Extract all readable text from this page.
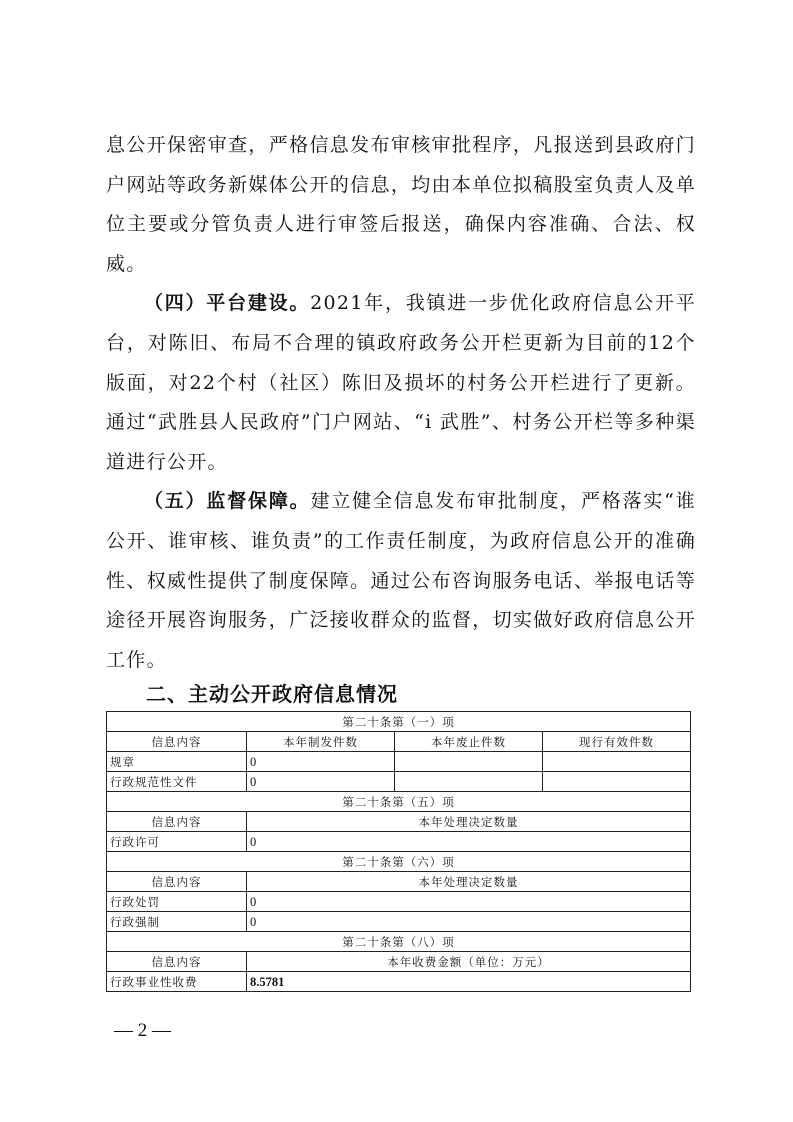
息公开保密审查，严格信息发布审核审批程序，凡报送到县政府门户网站等政务新媒体公开的信息，均由本单位拟稿股室负责人及单位主要或分管负责人进行审签后报送，确保内容准确、合法、权威。

（四）平台建设。2021年，我镇进一步优化政府信息公开平台，对陈旧、布局不合理的镇政府政务公开栏更新为目前的12个版面，对22个村（社区）陈旧及损坏的村务公开栏进行了更新。通过“武胜县人民政府”门户网站、“i 武胜”、村务公开栏等多种渠道进行公开。

（五）监督保障。建立健全信息发布审批制度，严格落实“谁公开、谁审核、谁负责”的工作责任制度，为政府信息公开的准确性、权威性提供了制度保障。通过公布咨询服务电话、举报电话等途径开展咨询服务，广泛接收群众的监督，切实做好政府信息公开工作。

二、主动公开政府信息情况
第二十条第（一）项			
信息内容	本年制发件数	本年废止件数	现行有效件数
规章	0		
行政规范性文件	0		
第二十条第（五）项			
信息内容	本年处理决定数量		
行政许可	0		
第二十条第（六）项			
信息内容	本年处理决定数量		
行政处罚	0		
行政强制	0		
第二十条第（八）项			
信息内容	本年收费金额（单位：万元）		
行政事业性收费	8.5781		
— 2 —
